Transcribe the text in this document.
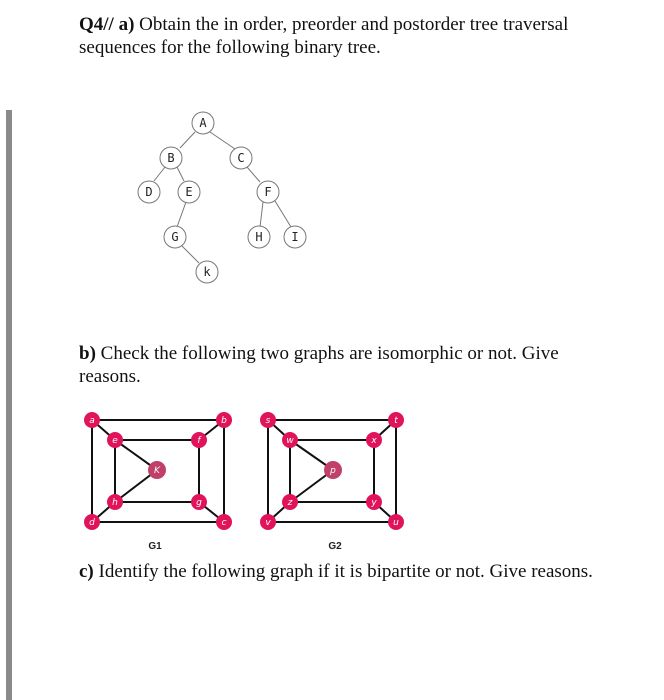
Q4// a) Obtain the in order, preorder and postorder tree traversal sequences for the following binary tree.

A
B	C
D	E	F
G	H I
k
a	b
c
d
e	f
g
h
K
G1
s	t
u
v
w	x
y
z
p
G2

b) Check the following two graphs are isomorphic or not. Give reasons.

c) Identify the following graph if it is bipartite or not. Give reasons.
